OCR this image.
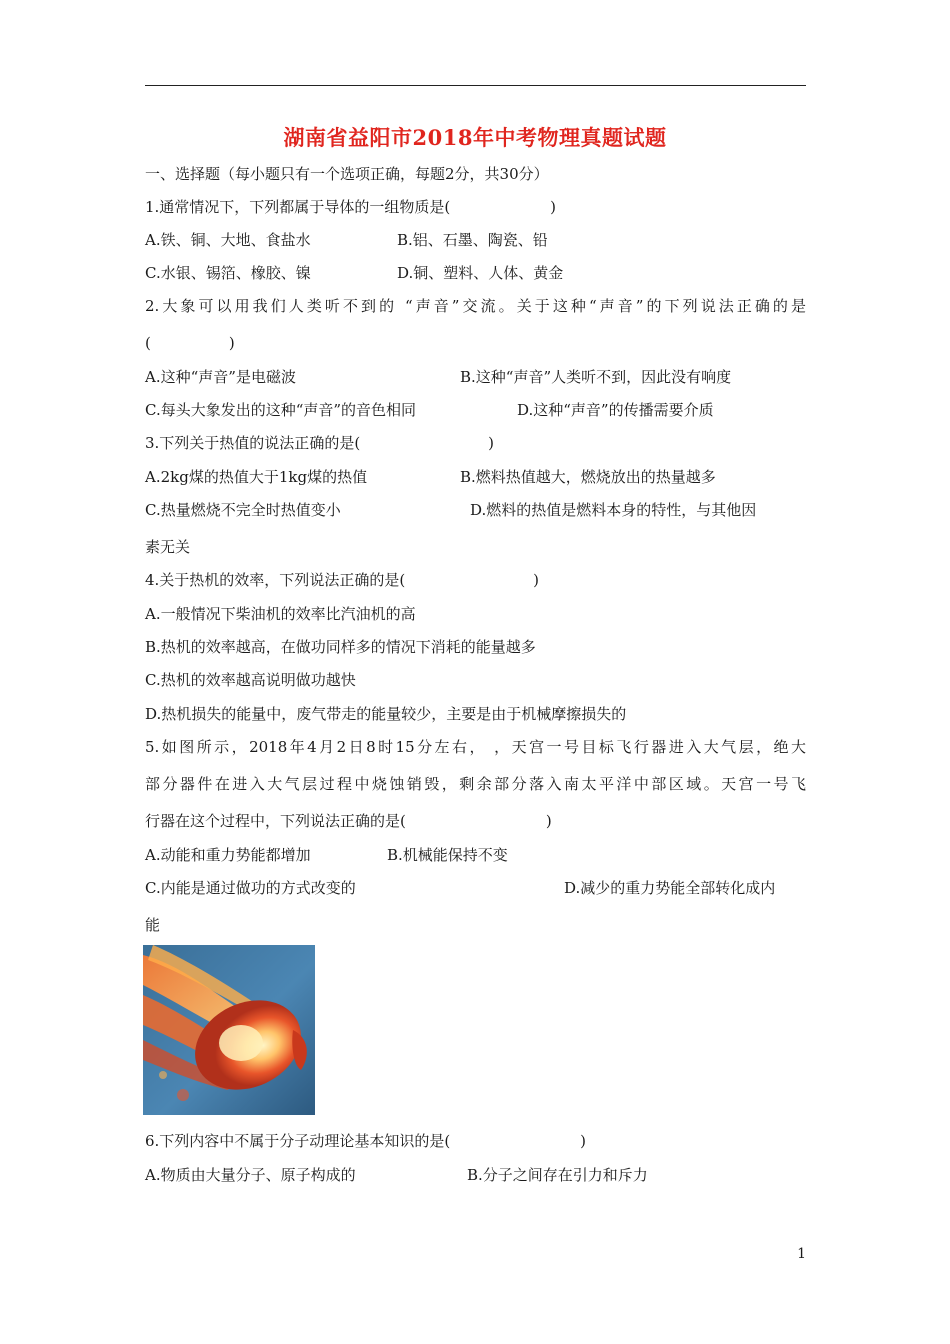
湖南省益阳市2018年中考物理真题试题
一、选择题（每小题只有一个选项正确，每题2分，共30分）
1.通常情况下，下列都属于导体的一组物质是(	)
A.铁、铜、大地、食盐水	B.铝、石墨、陶瓷、铅
C.水银、锡箔、橡胶、镍	D.铜、塑料、人体、黄金
2.大象可以用我们人类听不到的 “声音”交流。关于这种“声音”的下列说法正确的是
(	)
A.这种“声音”是电磁波	B.这种“声音”人类听不到，因此没有响度
C.每头大象发出的这种“声音”的音色相同	D.这种“声音”的传播需要介质
3.下列关于热值的说法正确的是(	)
A.2kg煤的热值大于1kg煤的热值	B.燃料热值越大，燃烧放出的热量越多
C.热量燃烧不完全时热值变小	D.燃料的热值是燃料本身的特性，与其他因
素无关
4.关于热机的效率，下列说法正确的是(	)
A.一般情况下柴油机的效率比汽油机的高
B.热机的效率越高，在做功同样多的情况下消耗的能量越多
C.热机的效率越高说明做功越快
D.热机损失的能量中，废气带走的能量较少，主要是由于机械摩擦损失的
5.如图所示，2018年4月2日8时15分左右， ，天宫一号目标飞行器进入大气层，绝大
部分器件在进入大气层过程中烧蚀销毁，剩余部分落入南太平洋中部区域。天宫一号飞
行器在这个过程中，下列说法正确的是(	)
A.动能和重力势能都增加	B.机械能保持不变
C.内能是通过做功的方式改变的	D.减少的重力势能全部转化成内
能
6.下列内容中不属于分子动理论基本知识的是(	)
A.物质由大量分子、原子构成的	B.分子之间存在引力和斥力
1
